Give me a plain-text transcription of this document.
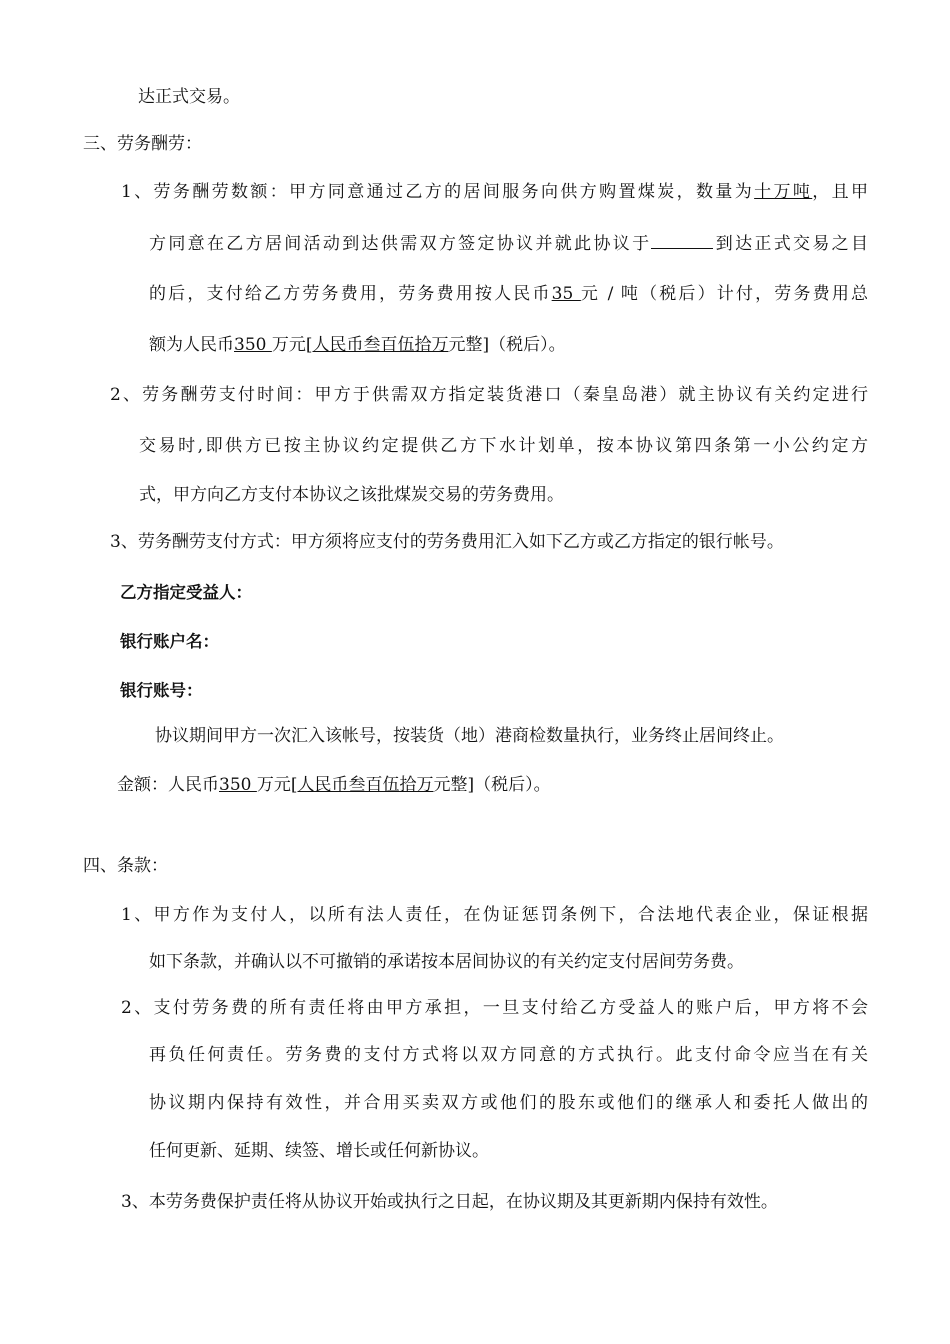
达正式交易。
三、劳务酬劳：
1、劳务酬劳数额：甲方同意通过乙方的居间服务向供方购置煤炭，数量为十万吨，且甲
方同意在乙方居间活动到达供需双方签定协议并就此协议于	到达正式交易之目
的后，支付给乙方劳务费用，劳务费用按人民币35 元 / 吨（税后）计付，劳务费用总
额为人民币350 万元[人民币叁百伍拾万元整]（税后）。
2、劳务酬劳支付时间：甲方于供需双方指定装货港口（秦皇岛港）就主协议有关约定进行
交易时,即供方已按主协议约定提供乙方下水计划单，按本协议第四条第一小公约定方
式，甲方向乙方支付本协议之该批煤炭交易的劳务费用。
3、劳务酬劳支付方式：甲方须将应支付的劳务费用汇入如下乙方或乙方指定的银行帐号。
乙方指定受益人：
银行账户名：
银行账号：
协议期间甲方一次汇入该帐号，按装货（地）港商检数量执行，业务终止居间终止。
金额：人民币350 万元[人民币叁百伍拾万元整]（税后）。
四、条款：
1、甲方作为支付人，以所有法人责任，在伪证惩罚条例下，合法地代表企业，保证根据
如下条款，并确认以不可撤销的承诺按本居间协议的有关约定支付居间劳务费。
2、支付劳务费的所有责任将由甲方承担，一旦支付给乙方受益人的账户后，甲方将不会
再负任何责任。劳务费的支付方式将以双方同意的方式执行。此支付命令应当在有关
协议期内保持有效性，并合用买卖双方或他们的股东或他们的继承人和委托人做出的
任何更新、延期、续签、增长或任何新协议。
3、本劳务费保护责任将从协议开始或执行之日起，在协议期及其更新期内保持有效性。
